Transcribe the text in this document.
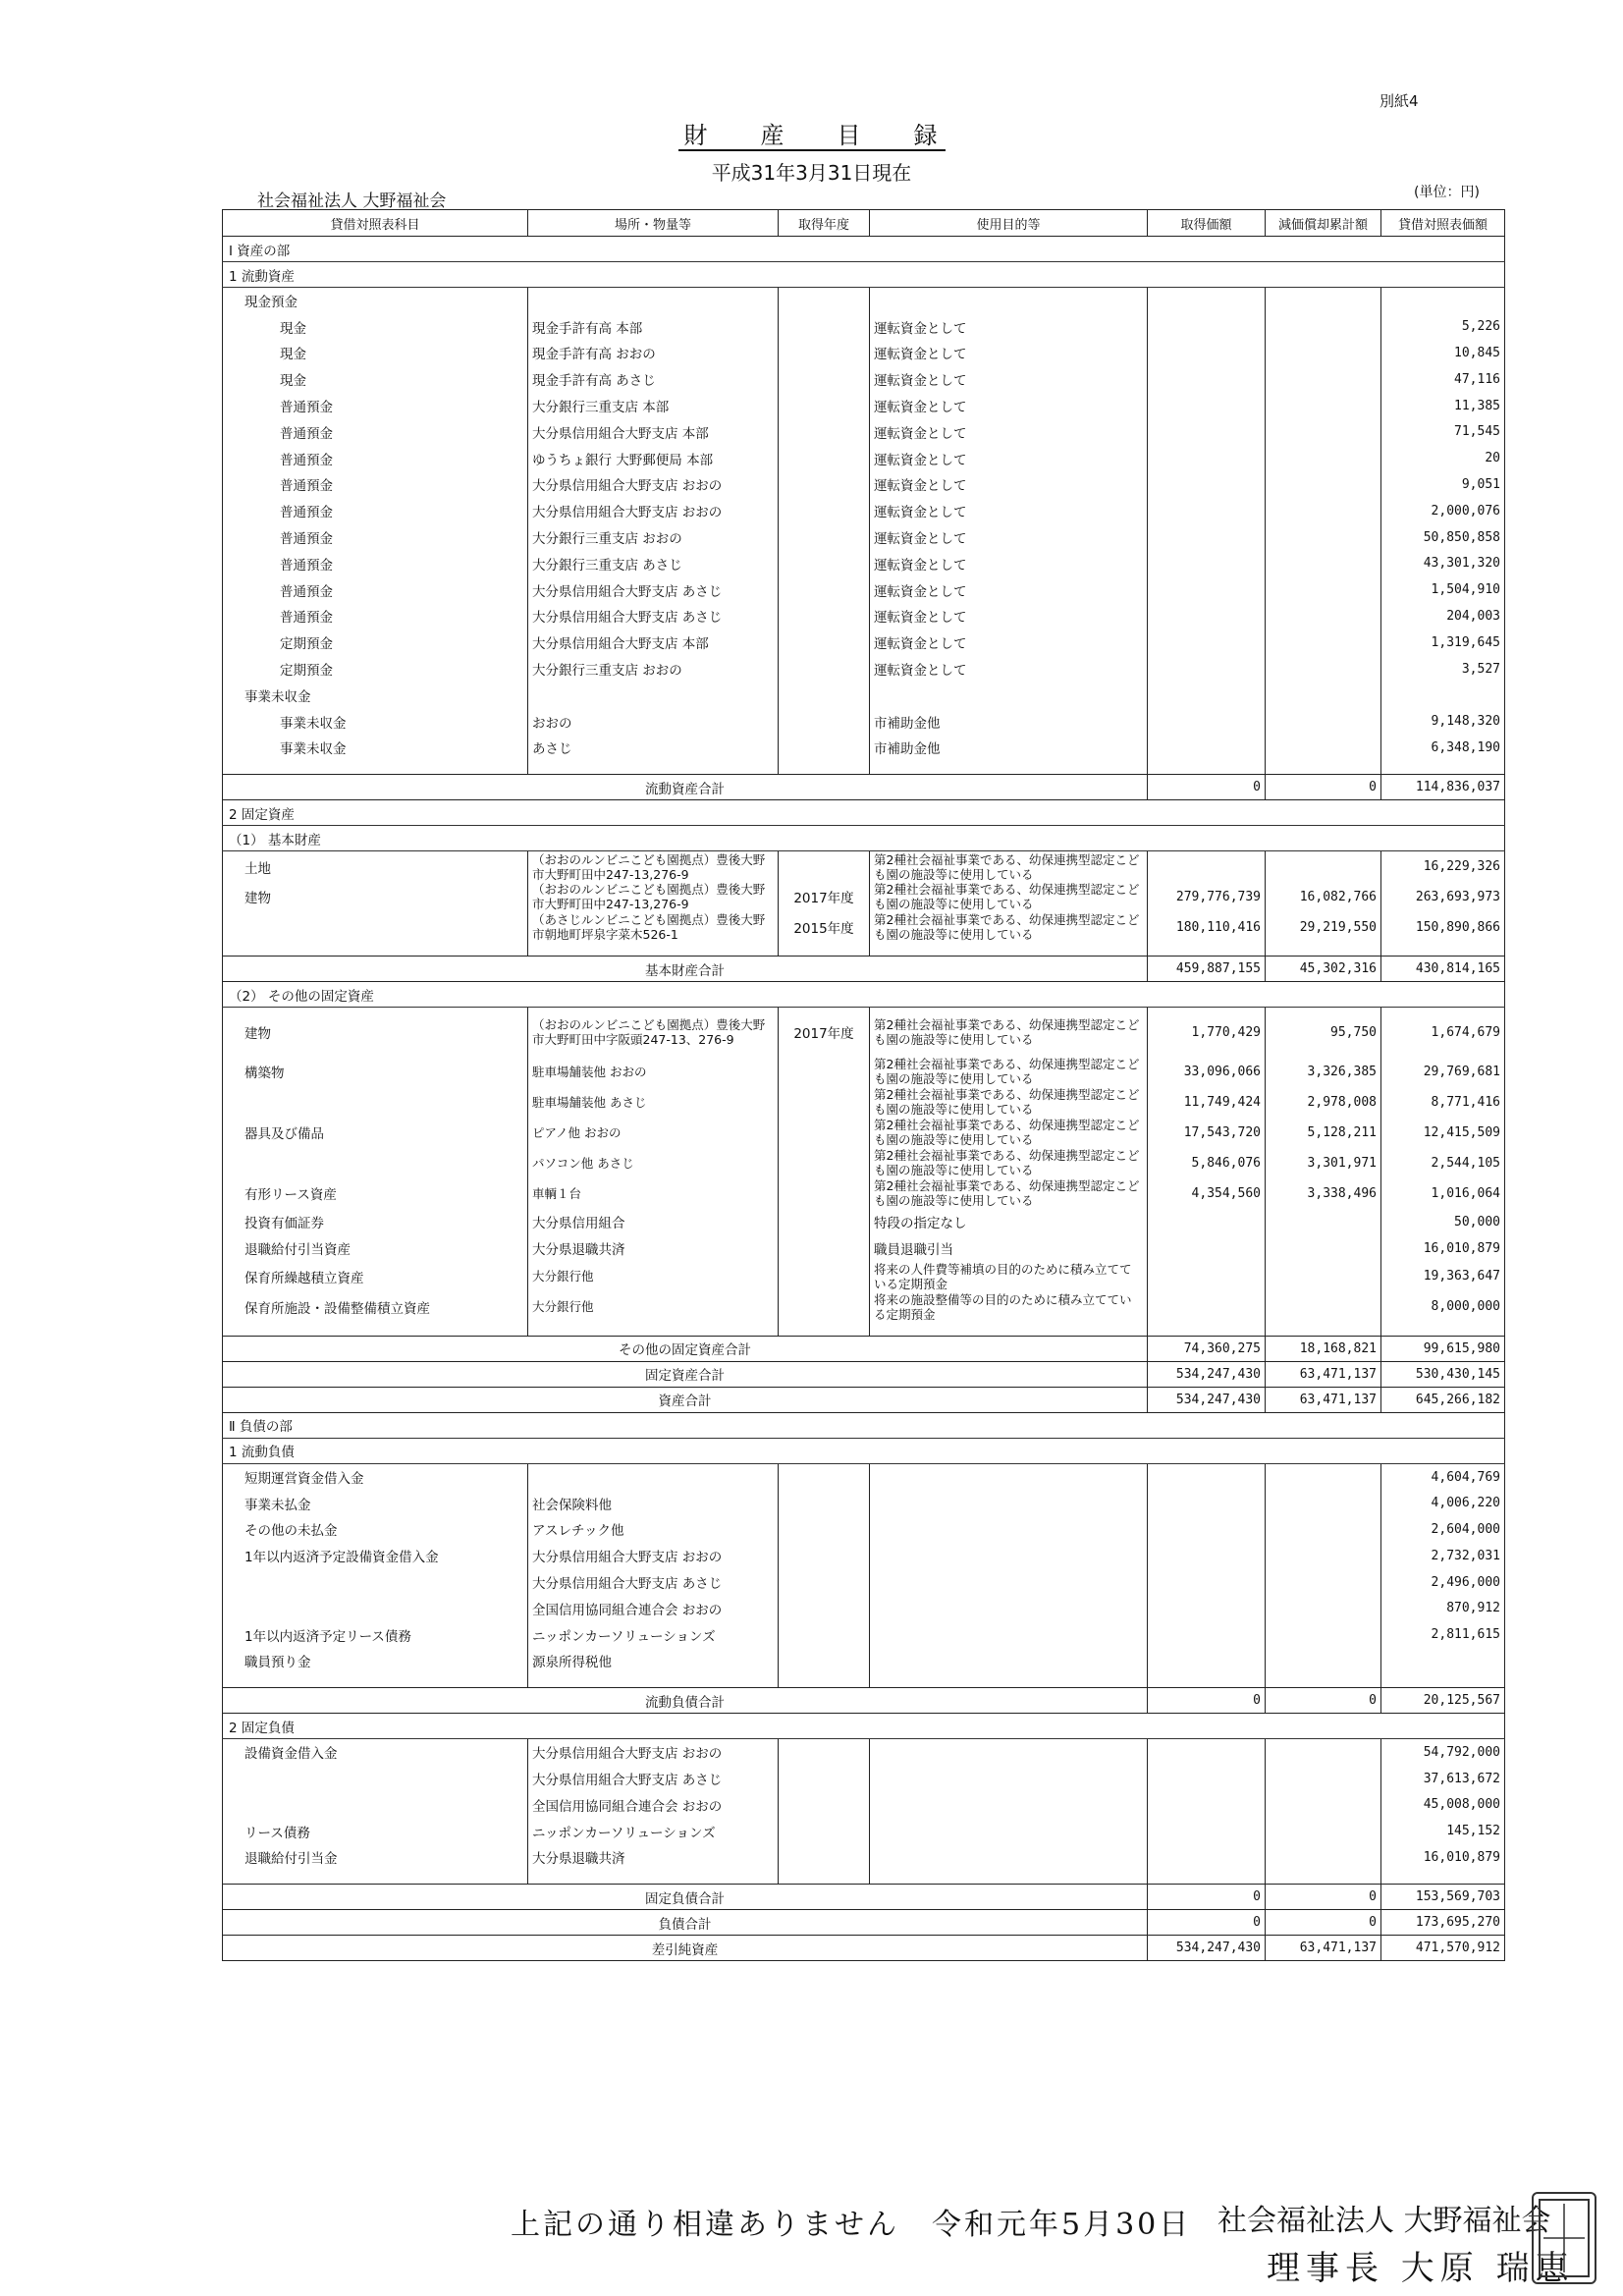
別紙4
財　　産　　目　　録
平成31年3月31日現在
社会福祉法人 大野福祉会	(単位：円)
貸借対照表科目	場所・物量等	取得年度	使用目的等	取得価額	減価償却累計額	貸借対照表価額
Ⅰ 資産の部						
1 流動資産						
現金預金						
現金	現金手許有高 本部		運転資金として			5,226
現金	現金手許有高 おおの		運転資金として			10,845
現金	現金手許有高 あさじ		運転資金として			47,116
普通預金	大分銀行三重支店 本部		運転資金として			11,385
普通預金	大分県信用組合大野支店 本部		運転資金として			71,545
普通預金	ゆうちょ銀行 大野郵便局 本部		運転資金として			20
普通預金	大分県信用組合大野支店 おおの		運転資金として			9,051
普通預金	大分県信用組合大野支店 おおの		運転資金として			2,000,076
普通預金	大分銀行三重支店 おおの		運転資金として			50,850,858
普通預金	大分銀行三重支店 あさじ		運転資金として			43,301,320
普通預金	大分県信用組合大野支店 あさじ		運転資金として			1,504,910
普通預金	大分県信用組合大野支店 あさじ		運転資金として			204,003
定期預金	大分県信用組合大野支店 本部		運転資金として			1,319,645
定期預金	大分銀行三重支店 おおの		運転資金として			3,527
事業未収金						
事業未収金	おおの		市補助金他			9,148,320
事業未収金	あさじ		市補助金他			6,348,190

流動資産合計				0	0	114,836,037
2 固定資産						
（1） 基本財産						
土地	（おおのルンビニこども園拠点）豊後大野市大野町田中247-13,276-9		第2種社会福祉事業である、幼保連携型認定こども園の施設等に使用している			16,229,326
建物	（おおのルンビニこども園拠点）豊後大野市大野町田中247-13,276-9	2017年度	第2種社会福祉事業である、幼保連携型認定こども園の施設等に使用している	279,776,739	16,082,766	263,693,973
	（あさじルンビニこども園拠点）豊後大野市朝地町坪泉字菜木526-1	2015年度	第2種社会福祉事業である、幼保連携型認定こども園の施設等に使用している	180,110,416	29,219,550	150,890,866

基本財産合計				459,887,155	45,302,316	430,814,165
（2） その他の固定資産						
建物	（おおのルンビニこども園拠点）豊後大野市大野町田中字阪頭247-13、276-9	2017年度	第2種社会福祉事業である、幼保連携型認定こども園の施設等に使用している	1,770,429	95,750	1,674,679
構築物	駐車場舗装他 おおの		第2種社会福祉事業である、幼保連携型認定こども園の施設等に使用している	33,096,066	3,326,385	29,769,681
	駐車場舗装他 あさじ		第2種社会福祉事業である、幼保連携型認定こども園の施設等に使用している	11,749,424	2,978,008	8,771,416
器具及び備品	ピアノ他 おおの		第2種社会福祉事業である、幼保連携型認定こども園の施設等に使用している	17,543,720	5,128,211	12,415,509
	パソコン他 あさじ		第2種社会福祉事業である、幼保連携型認定こども園の施設等に使用している	5,846,076	3,301,971	2,544,105
有形リース資産	車輌１台		第2種社会福祉事業である、幼保連携型認定こども園の施設等に使用している	4,354,560	3,338,496	1,016,064
投資有価証券	大分県信用組合		特段の指定なし			50,000
退職給付引当資産	大分県退職共済		職員退職引当			16,010,879
保育所繰越積立資産	大分銀行他		将来の人件費等補填の目的のために積み立てている定期預金			19,363,647
保育所施設・設備整備積立資産	大分銀行他		将来の施設整備等の目的のために積み立てている定期預金			8,000,000

その他の固定資産合計				74,360,275	18,168,821	99,615,980
固定資産合計				534,247,430	63,471,137	530,430,145
資産合計				534,247,430	63,471,137	645,266,182
Ⅱ 負債の部						
1 流動負債						
短期運営資金借入金						4,604,769
事業未払金	社会保険料他					4,006,220
その他の未払金	アスレチック他					2,604,000
1年以内返済予定設備資金借入金	大分県信用組合大野支店 おおの					2,732,031
	大分県信用組合大野支店 あさじ					2,496,000
	全国信用協同組合連合会 おおの					870,912
1年以内返済予定リース債務	ニッポンカーソリューションズ					2,811,615
職員預り金	源泉所得税他					

流動負債合計				0	0	20,125,567
2 固定負債						
設備資金借入金	大分県信用組合大野支店 おおの					54,792,000
	大分県信用組合大野支店 あさじ					37,613,672
	全国信用協同組合連合会 おおの					45,008,000
リース債務	ニッポンカーソリューションズ					145,152
退職給付引当金	大分県退職共済					16,010,879

固定負債合計				0	0	153,569,703
負債合計				0	0	173,695,270
差引純資産				534,247,430	63,471,137	471,570,912
上記の通り相違ありません　令和元年5月30日 社会福祉法人 大野福祉会
理事長 大原 瑞恵
